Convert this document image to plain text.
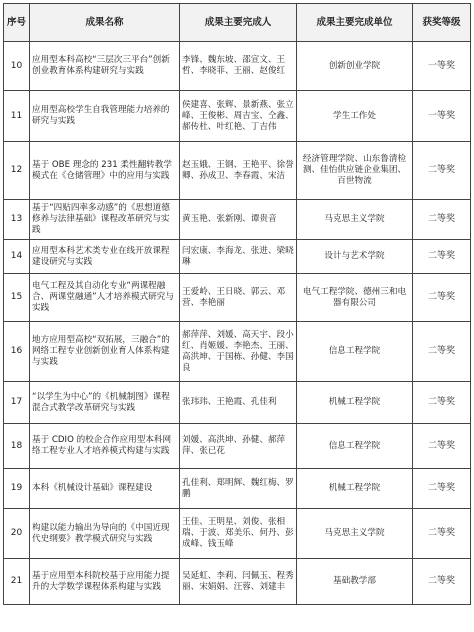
序号	成果名称	成果主要完成人	成果主要完成单位	获奖等级
10	应用型本科高校“三层次三平台”创新创业教育体系构建研究与实践	李锋、魏东坡、邵宣文、王哲、李晓菲、王丽、赵俊红	创新创业学院	一等奖
11	应用型高校学生自我管理能力培养的研究与实践	侯建喜、张辉、景新燕、张立峰、王俊彬、周吉宝、仝鑫、郝传杜、叶红艳、丁吉伟	学生工作处	一等奖
12	基于 OBE 理念的 231 柔性翻转教学模式在《仓储管理》中的应用与实践	赵玉娥、王钢、王艳平、徐誉卿、孙成卫、李春霞、宋洁	经济管理学院、山东鲁清检测、佳怡供应链企业集团、百世物流	二等奖
13	基于“四贴四率多动感”的《思想道德修养与法律基础》课程改革研究与实践	黄玉艳、张新刚、谭贵音	马克思主义学院	二等奖
14	应用型本科艺术类专业在线开放课程建设研究与实践	闫宏康、李海龙、张进、梁晓琳	设计与艺术学院	二等奖
15	电气工程及其自动化专业“两课程融合、两课堂融通”人才培养模式研究与实践	王爱岭、王日晓、郭云、邓营、李艳丽	电气工程学院、德州三和电器有限公司	二等奖
16	地方应用型高校“双拓展，三融合”的网络工程专业创新创业育人体系构建与实践	郝萍萍、刘媛、高天宇、段小红、肖姬媛、李艳杰、王丽、高洪坤、于国栋、孙健、李国良	信息工程学院	二等奖
17	“以学生为中心”的《机械制图》课程混合式教学改革研究与实践	张玮玮、王艳霞、孔佳利	机械工程学院	二等奖
18	基于 CDIO 的校企合作应用型本科网络工程专业人才培养模式构建与实践	刘媛、高洪坤、孙健、郝萍萍、张已花	信息工程学院	二等奖
19	本科《机械设计基础》课程建设	孔佳利、郑明辉、魏红梅、罗鹏	机械工程学院	二等奖
20	构建以能力输出为导向的《中国近现代史纲要》教学模式研究与实践	王佳、王明星、刘俊、张相瑞、于波、郑美乐、何丹、彭成峰、钱玉峰	马克思主义学院	二等奖
21	基于应用型本科院校基于应用能力提升的大学数学课程体系构建与实践	吴延虹、李莉、闫佩玉、程秀丽、宋娟娟、汪蓉、刘建丰	基础教学部	二等奖
